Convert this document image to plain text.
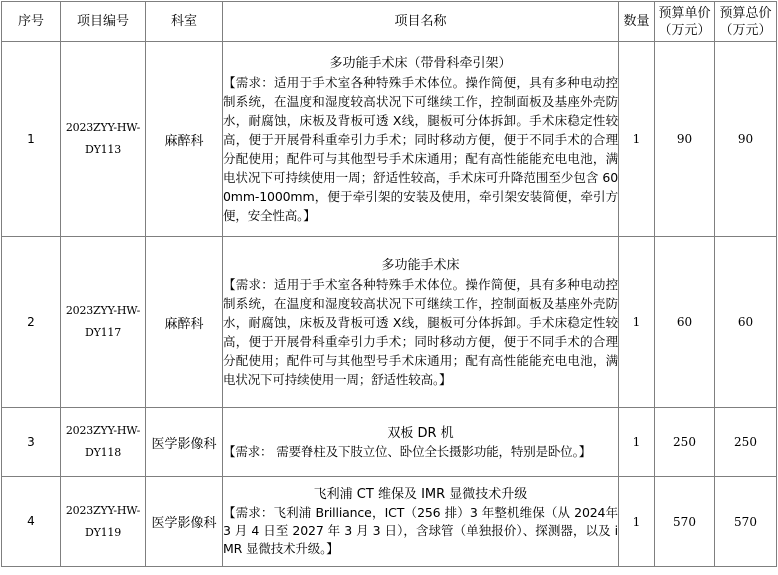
序号	项目编号	科室	项目名称	数量	预算单价（万元）	预算总价（万元）
1	2023ZYY-HW-DY113	麻醉科	多功能手术床（带骨科牵引架）
【需求：适用于手术室各种特殊手术体位。操作简便，具有多种电动控制系统，在温度和湿度较高状况下可继续工作，控制面板及基座外壳防水，耐腐蚀，床板及背板可透 X线，腿板可分体拆卸。手术床稳定性较高，便于开展骨科重牵引力手术；同时移动方便，便于不同手术的合理分配使用；配件可与其他型号手术床通用；配有高性能能充电电池，满电状况下可持续使用一周；舒适性较高，手术床可升降范围至少包含 600mm-1000mm，便于牵引架的安装及使用，牵引架安装简便，牵引方便，安全性高。】	1	90	90
2	2023ZYY-HW-DY117	麻醉科	多功能手术床
【需求：适用于手术室各种特殊手术体位。操作简便，具有多种电动控制系统，在温度和湿度较高状况下可继续工作，控制面板及基座外壳防水，耐腐蚀，床板及背板可透 X线，腿板可分体拆卸。手术床稳定性较高，便于开展骨科重牵引力手术；同时移动方便，便于不同手术的合理分配使用；配件可与其他型号手术床通用；配有高性能能充电电池，满电状况下可持续使用一周；舒适性较高。】	1	60	60
3	2023ZYY-HW-DY118	医学影像科	双板 DR 机
【需求： 需要脊柱及下肢立位、卧位全长摄影功能，特别是卧位。】	1	250	250
4	2023ZYY-HW-DY119	医学影像科	飞利浦 CT 维保及 IMR 显微技术升级
【需求：飞利浦 Brilliance，ICT（256 排）3 年整机维保（从 2024年 3 月 4 日至 2027 年 3 月 3 日），含球管（单独报价）、探测器，以及 iMR 显微技术升级。】	1	570	570
